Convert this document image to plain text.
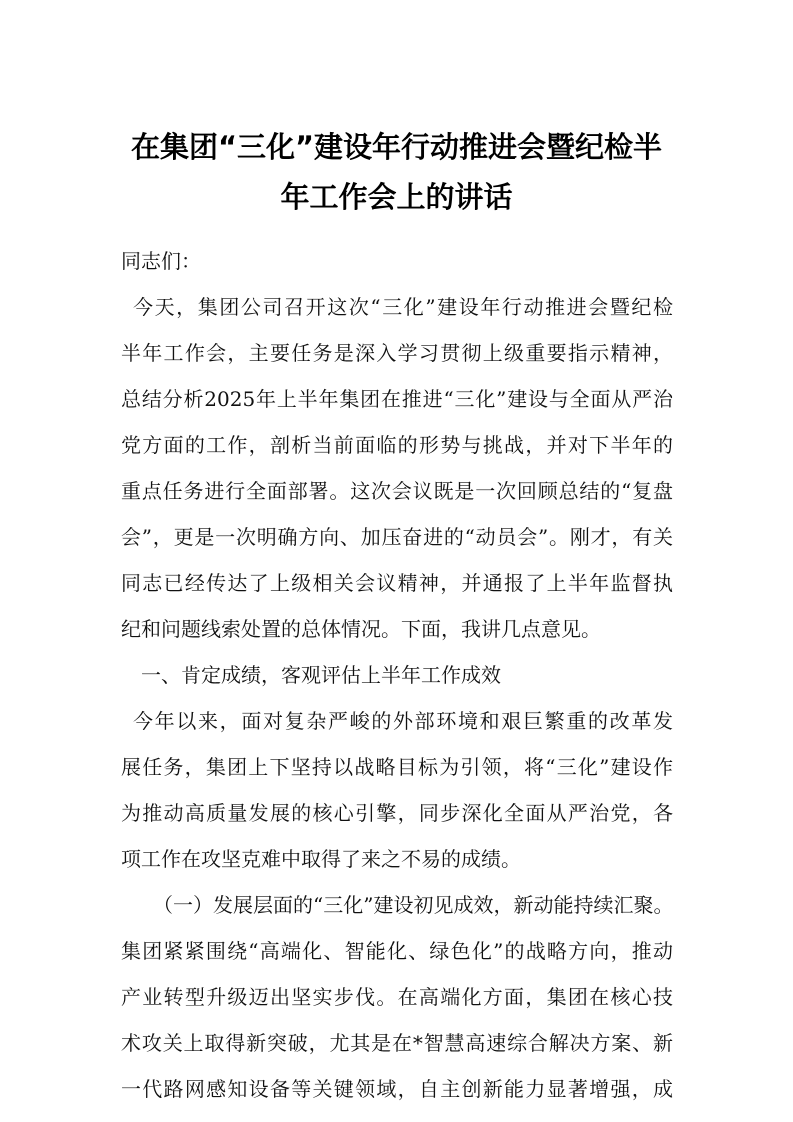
在集团“三化”建设年行动推进会暨纪检半
年工作会上的讲话
同志们：
今天，集团公司召开这次“三化”建设年行动推进会暨纪检
半年工作会，主要任务是深入学习贯彻上级重要指示精神，
总结分析2025年上半年集团在推进“三化”建设与全面从严治
党方面的工作，剖析当前面临的形势与挑战，并对下半年的
重点任务进行全面部署。这次会议既是一次回顾总结的“复盘
会”，更是一次明确方向、加压奋进的“动员会”。刚才，有关
同志已经传达了上级相关会议精神，并通报了上半年监督执
纪和问题线索处置的总体情况。下面，我讲几点意见。
一、肯定成绩，客观评估上半年工作成效
今年以来，面对复杂严峻的外部环境和艰巨繁重的改革发
展任务，集团上下坚持以战略目标为引领，将“三化”建设作
为推动高质量发展的核心引擎，同步深化全面从严治党，各
项工作在攻坚克难中取得了来之不易的成绩。
（一）发展层面的“三化”建设初见成效，新动能持续汇聚。
集团紧紧围绕“高端化、智能化、绿色化”的战略方向，推动
产业转型升级迈出坚实步伐。在高端化方面，集团在核心技
术攻关上取得新突破，尤其是在*智慧高速综合解决方案、新
一代路网感知设备等关键领域，自主创新能力显著增强，成
